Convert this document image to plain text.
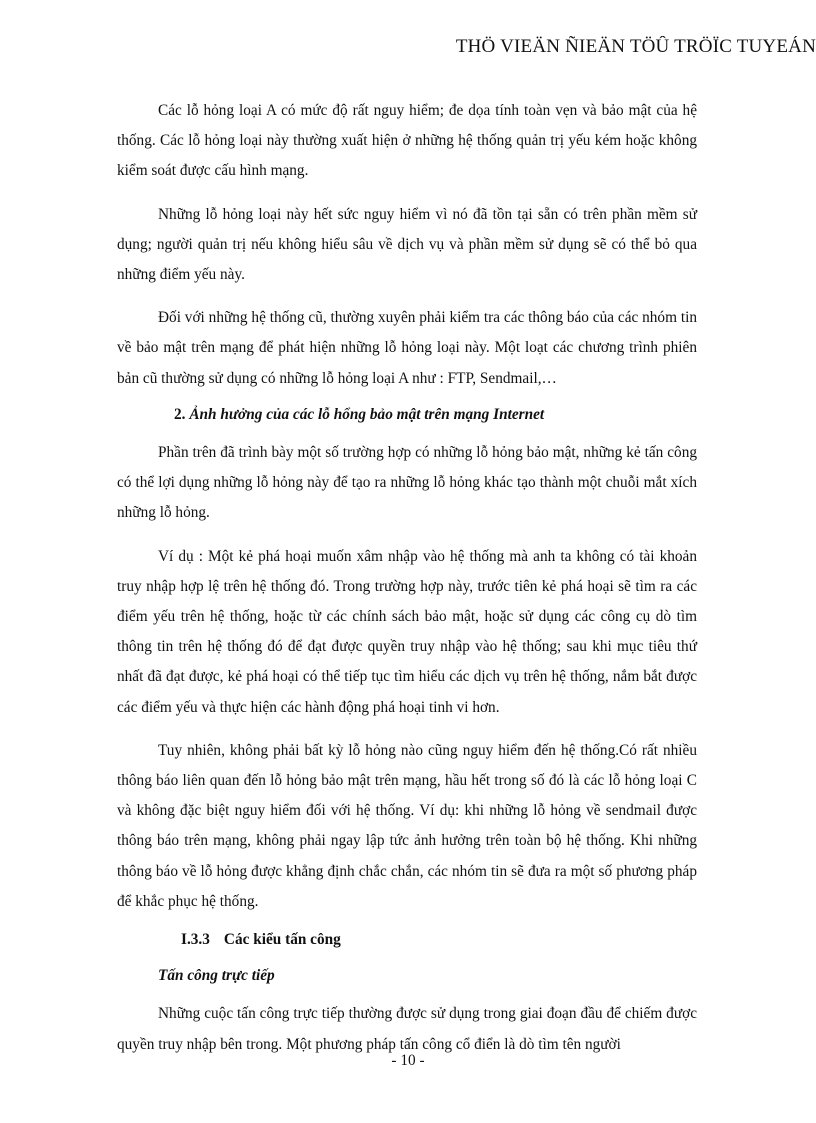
THÖ VIEÄN ÑIEÄN TÖÛ TRÖÏC TUYEÁN

Các lỗ hỏng loại A có mức độ rất nguy hiểm; đe dọa tính toàn vẹn và bảo mật của hệ thống. Các lỗ hỏng loại này thường xuất hiện ở những hệ thống quản trị yếu kém hoặc không kiểm soát được cấu hình mạng.

Những lỗ hỏng loại này hết sức nguy hiểm vì nó đã tồn tại sẵn có trên phần mềm sử dụng; người quản trị nếu không hiểu sâu về dịch vụ và phần mềm sử dụng sẽ có thể bỏ qua những điểm yếu này.

Đối với những hệ thống cũ, thường xuyên phải kiểm tra các thông báo của các nhóm tin về bảo mật trên mạng để phát hiện những lỗ hỏng loại này. Một loạt các chương trình phiên bản cũ thường sử dụng có những lỗ hỏng loại A như : FTP, Sendmail,…

2. Ảnh hưởng của các lỗ hổng bảo mật trên mạng Internet

Phần trên đã trình bày một số trường hợp có những lỗ hỏng bảo mật, những kẻ tấn công có thể lợi dụng những lỗ hỏng này để tạo ra những lỗ hỏng khác tạo thành một chuỗi mắt xích những lỗ hỏng.

Ví dụ : Một kẻ phá hoại muốn xâm nhập vào hệ thống mà anh ta không có tài khoản truy nhập hợp lệ trên hệ thống đó. Trong trường hợp này, trước tiên kẻ phá hoại sẽ tìm ra các điểm yếu trên hệ thống, hoặc từ các chính sách bảo mật, hoặc sử dụng các công cụ dò tìm thông tin trên hệ thống đó để đạt được quyền truy nhập vào hệ thống; sau khi mục tiêu thứ nhất đã đạt được, kẻ phá hoại có thể tiếp tục tìm hiểu các dịch vụ trên hệ thống, nắm bắt được các điểm yếu và thực hiện các hành động phá hoại tinh vi hơn.

Tuy nhiên, không phải bất kỳ lỗ hỏng nào cũng nguy hiểm đến hệ thống.Có rất nhiều thông báo liên quan đến lỗ hỏng bảo mật trên mạng, hầu hết trong số đó là các lỗ hỏng loại C và không đặc biệt nguy hiểm đối với hệ thống. Ví dụ: khi những lỗ hỏng về sendmail được thông báo trên mạng, không phải ngay lập tức ảnh hưởng trên toàn bộ hệ thống. Khi những thông báo về lỗ hỏng được khẳng định chắc chắn, các nhóm tin sẽ đưa ra một số phương pháp để khắc phục hệ thống.

I.3.3 Các kiểu tấn công

Tấn công trực tiếp

Những cuộc tấn công trực tiếp thường được sử dụng trong giai đoạn đầu để chiếm được quyền truy nhập bên trong. Một phương pháp tấn công cổ điển là dò tìm tên người

- 10 -
